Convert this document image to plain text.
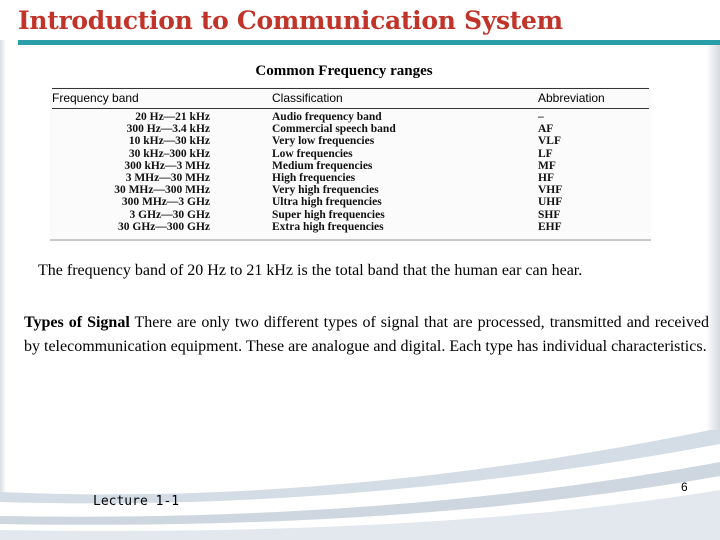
Introduction to Communication System
Common Frequency ranges
Frequency band	Classification	Abbreviation
20 Hz—21 kHz	Audio frequency band	–
300 Hz—3.4 kHz	Commercial speech band	AF
10 kHz—30 kHz	Very low frequencies	VLF
30 kHz–300 kHz	Low frequencies	LF
300 kHz—3 MHz	Medium frequencies	MF
3 MHz—30 MHz	High frequencies	HF
30 MHz—300 MHz	Very high frequencies	VHF
300 MHz—3 GHz	Ultra high frequencies	UHF
3 GHz—30 GHz	Super high frequencies	SHF
30 GHz—300 GHz	Extra high frequencies	EHF
The frequency band of 20 Hz to 21 kHz is the total band that the human ear can hear.
Types of Signal There are only two different types of signal that are processed, transmitted and received by telecommunication equipment. These are analogue and digital. Each type has individual characteristics.
Lecture 1-1
6
